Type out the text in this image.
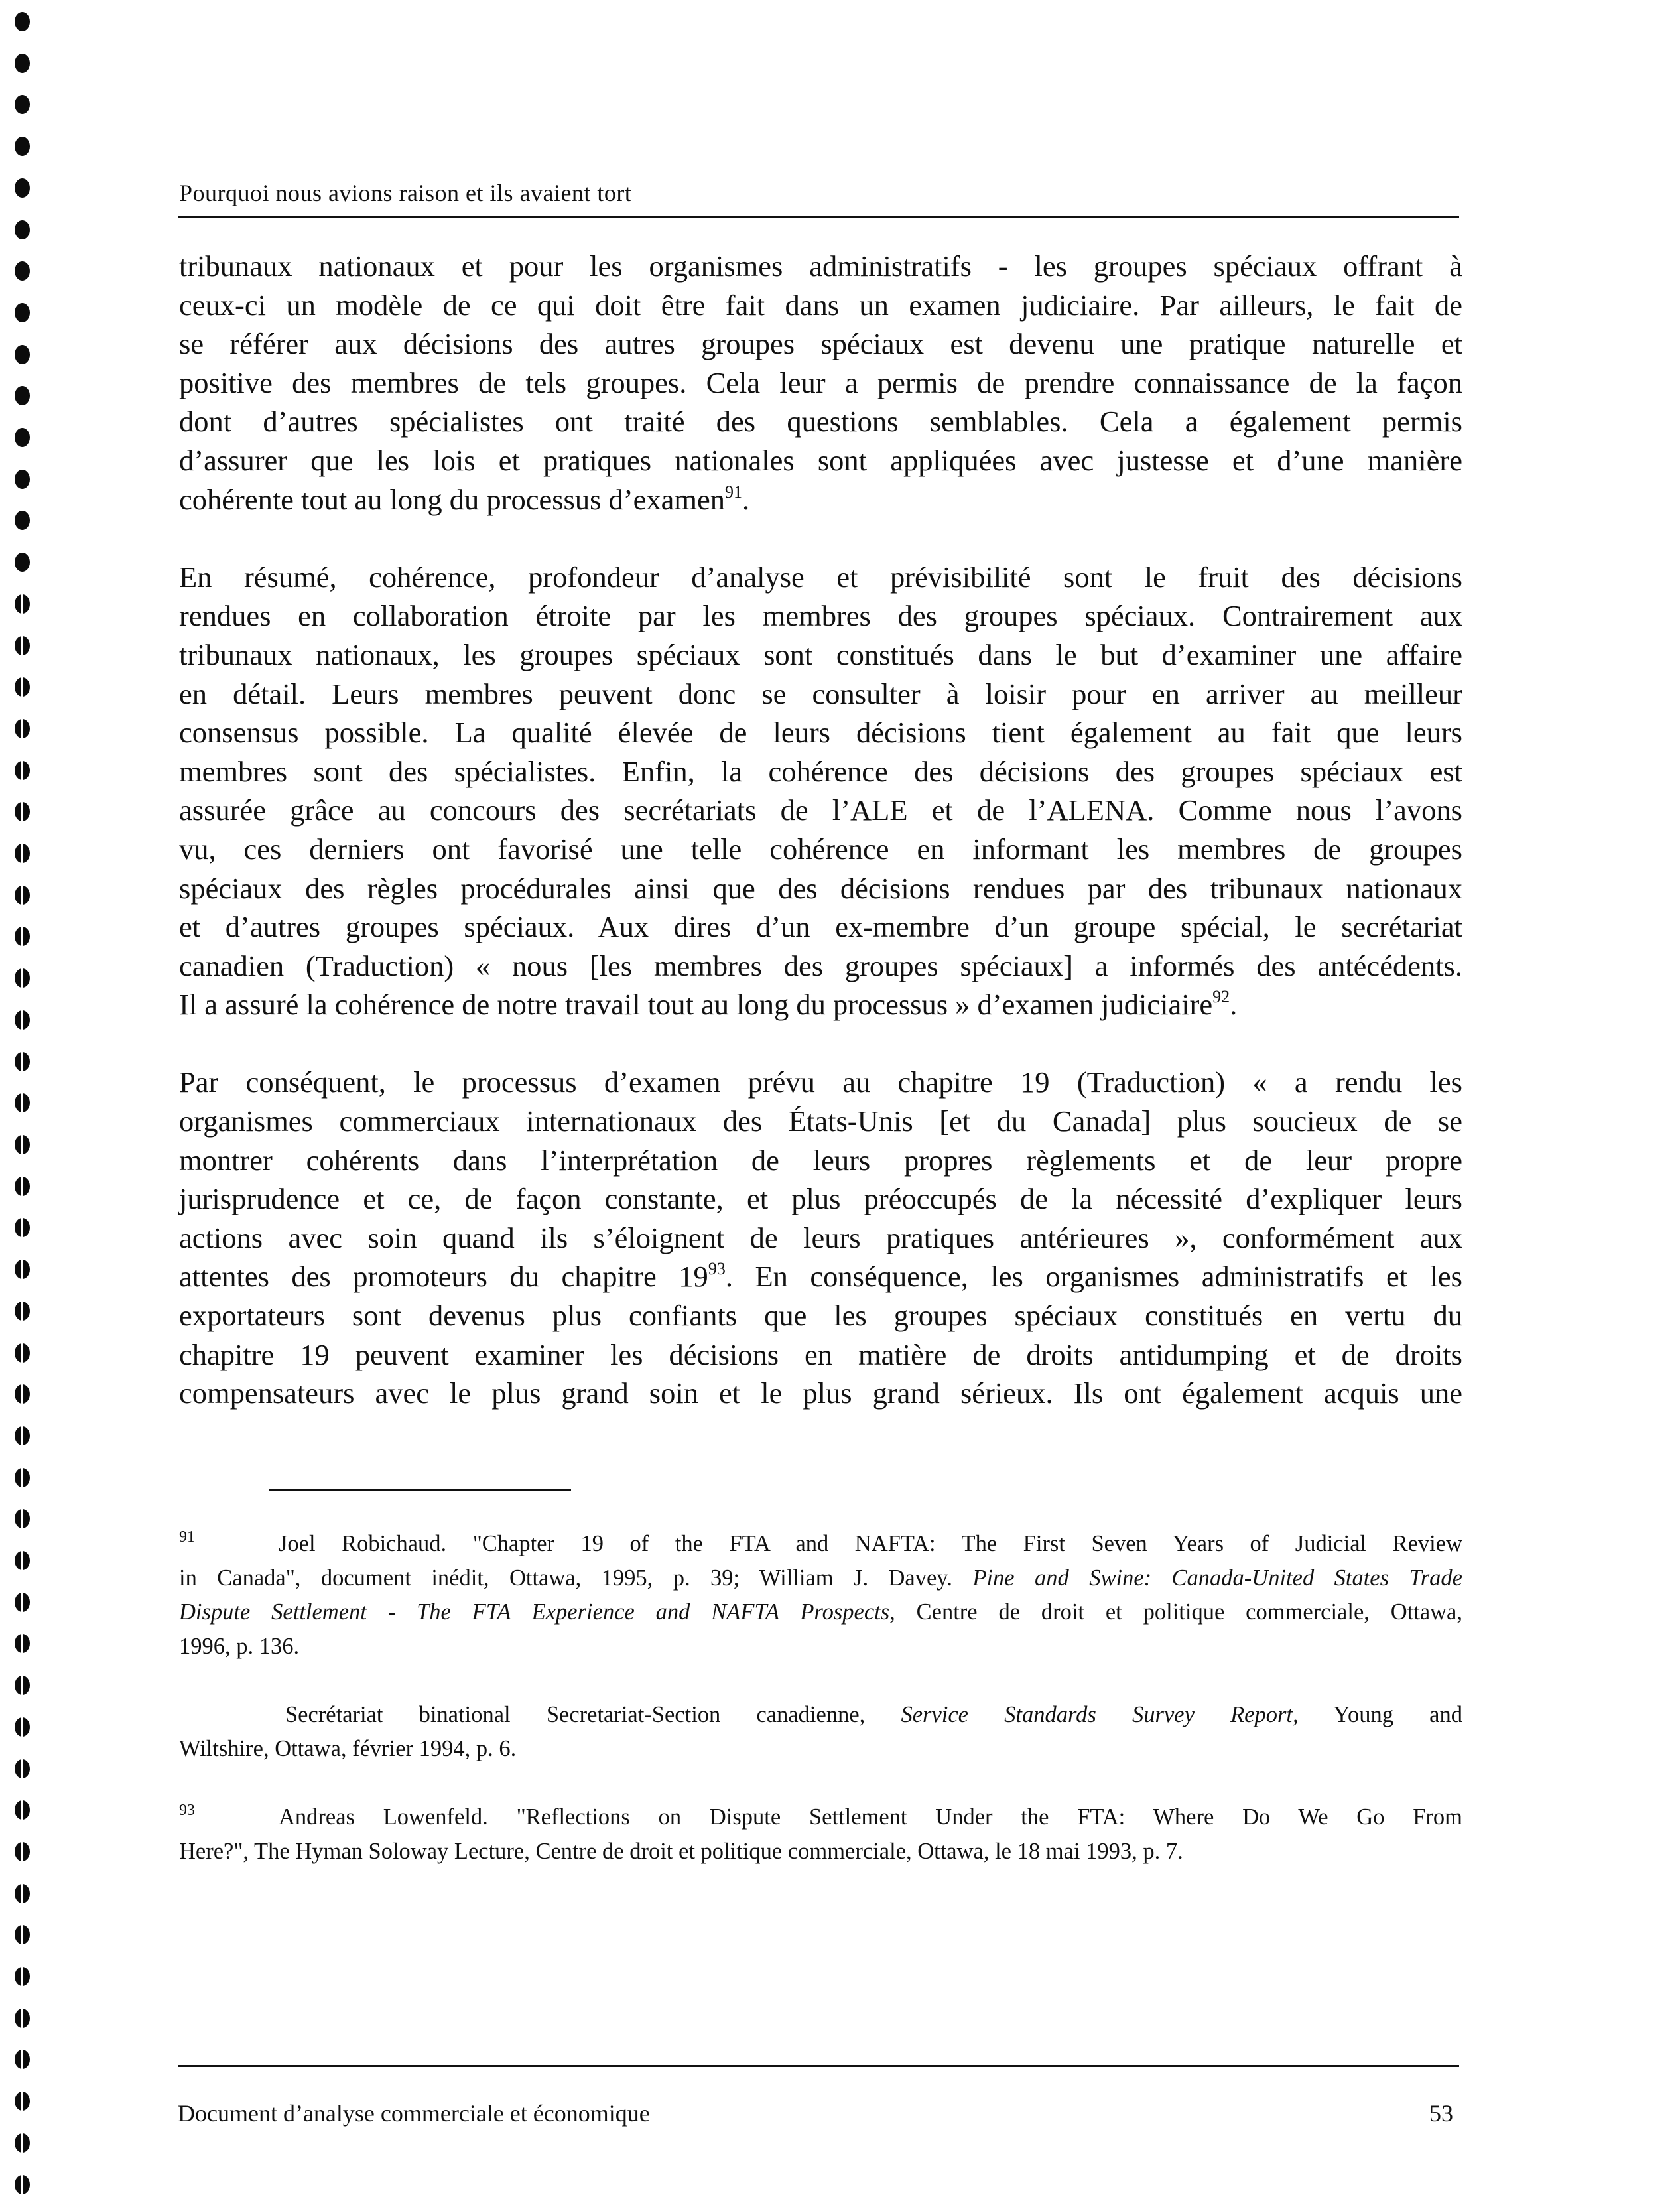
Pourquoi nous avions raison et ils avaient tort

tribunaux nationaux et pour les organismes administratifs - les groupes spéciaux offrant à
ceux-ci un modèle de ce qui doit être fait dans un examen judiciaire. Par ailleurs, le fait de
se référer aux décisions des autres groupes spéciaux est devenu une pratique naturelle et
positive des membres de tels groupes. Cela leur a permis de prendre connaissance de la façon
dont d’autres spécialistes ont traité des questions semblables. Cela a également permis
d’assurer que les lois et pratiques nationales sont appliquées avec justesse et d’une manière
cohérente tout au long du processus d’examen$^{91}$.

En résumé, cohérence, profondeur d’analyse et prévisibilité sont le fruit des décisions
rendues en collaboration étroite par les membres des groupes spéciaux. Contrairement aux
tribunaux nationaux, les groupes spéciaux sont constitués dans le but d’examiner une affaire
en détail. Leurs membres peuvent donc se consulter à loisir pour en arriver au meilleur
consensus possible. La qualité élevée de leurs décisions tient également au fait que leurs
membres sont des spécialistes. Enfin, la cohérence des décisions des groupes spéciaux est
assurée grâce au concours des secrétariats de l’ALE et de l’ALENA. Comme nous l’avons
vu, ces derniers ont favorisé une telle cohérence en informant les membres de groupes
spéciaux des règles procédurales ainsi que des décisions rendues par des tribunaux nationaux
et d’autres groupes spéciaux. Aux dires d’un ex-membre d’un groupe spécial, le secrétariat
canadien (Traduction) « nous [les membres des groupes spéciaux] a informés des antécédents.
Il a assuré la cohérence de notre travail tout au long du processus » d’examen judiciaire$^{92}$.

Par conséquent, le processus d’examen prévu au chapitre 19 (Traduction) « a rendu les
organismes commerciaux internationaux des États-Unis [et du Canada] plus soucieux de se
montrer cohérents dans l’interprétation de leurs propres règlements et de leur propre
jurisprudence et ce, de façon constante, et plus préoccupés de la nécessité d’expliquer leurs
actions avec soin quand ils s’éloignent de leurs pratiques antérieures », conformément aux
attentes des promoteurs du chapitre $19^{93}$. En conséquence, les organismes administratifs et les
exportateurs sont devenus plus confiants que les groupes spéciaux constitués en vertu du
chapitre 19 peuvent examiner les décisions en matière de droits antidumping et de droits
compensateurs avec le plus grand soin et le plus grand sérieux. Ils ont également acquis une

91	Joel Robichaud. "Chapter 19 of the FTA and NAFTA: The First Seven Years of Judicial Review
in Canada", document inédit, Ottawa, 1995, p. 39; William J. Davey. Pine and Swine: Canada-United States Trade
Dispute Settlement - The FTA Experience and NAFTA Prospects, Centre de droit et politique commerciale, Ottawa,
1996, p. 136.
Secrétariat binational Secretariat-Section canadienne, Service Standards Survey Report, Young and
Wiltshire, Ottawa, février 1994, p. 6.
93	Andreas Lowenfeld. "Reflections on Dispute Settlement Under the FTA: Where Do We Go From
Here?", The Hyman Soloway Lecture, Centre de droit et politique commerciale, Ottawa, le 18 mai 1993, p. 7.
Document d’analyse commerciale et économique	53
